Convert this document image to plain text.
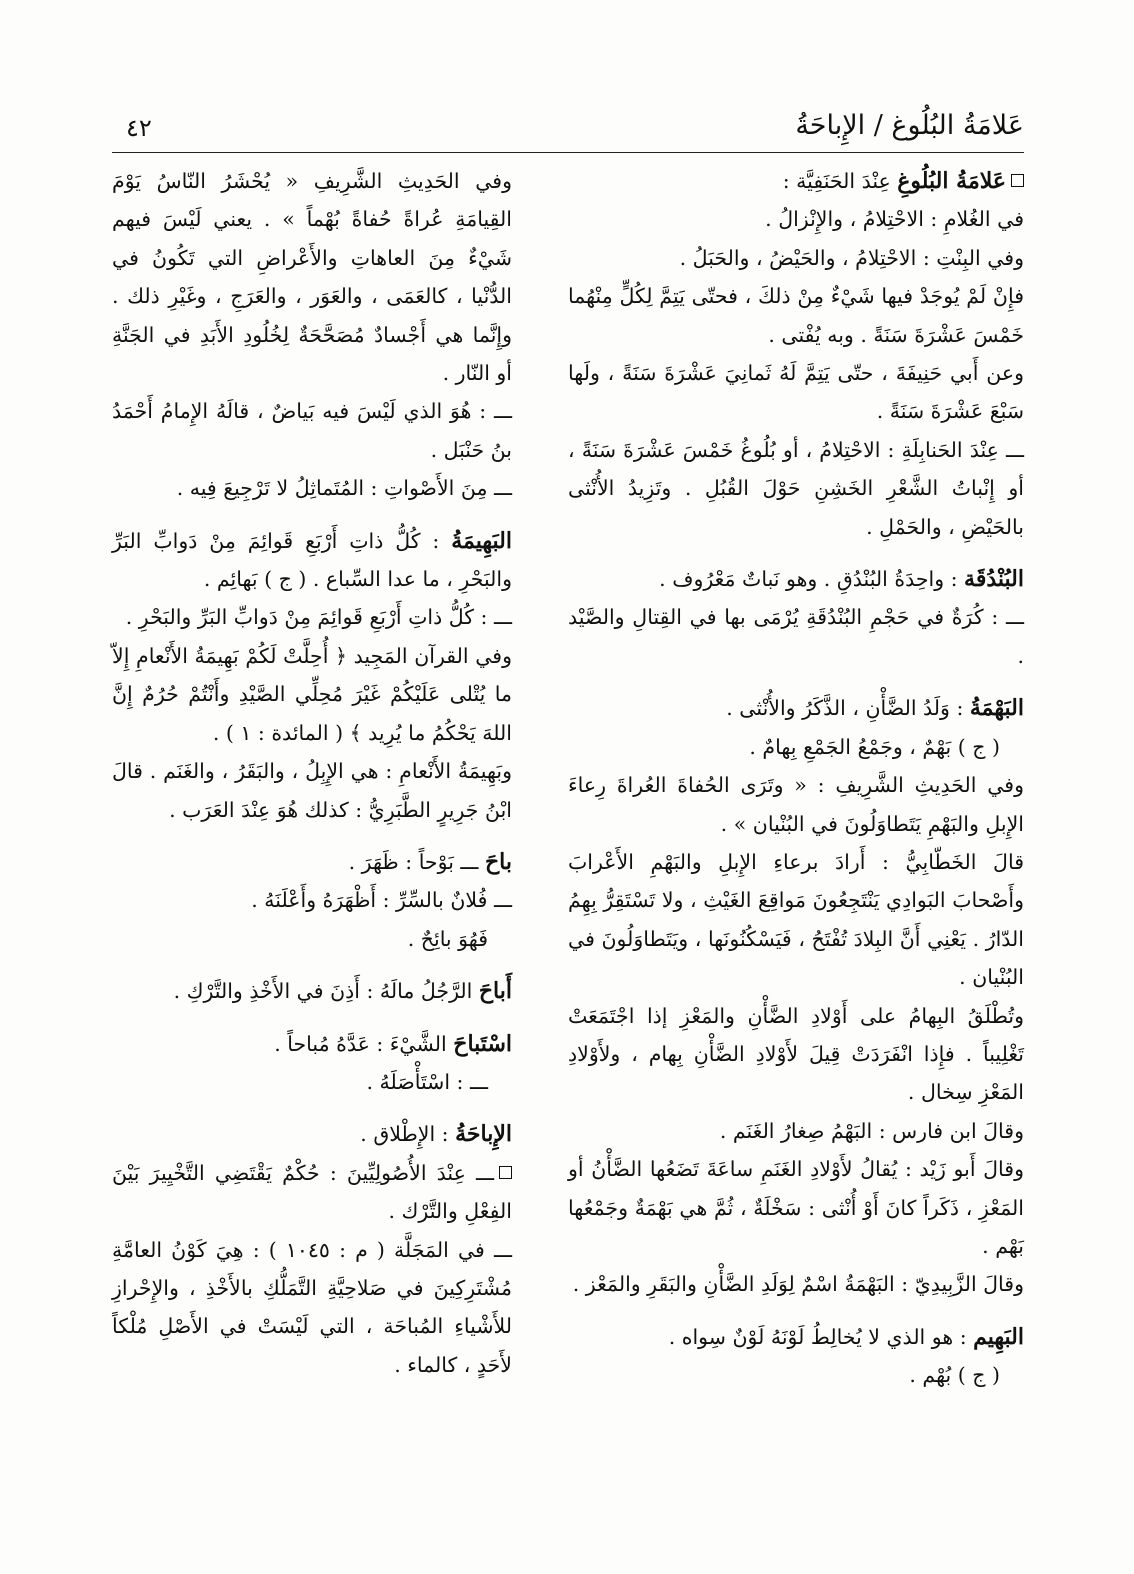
عَلامَةُ البُلُوغ / الإِباحَةُ
٤٢

عَلامَةُ البُلُوغِ عِنْدَ الحَنَفِيَّة :

في الغُلامِ : الاحْتِلامُ ، والإِنْزالُ .

وفي البِنْتِ : الاحْتِلامُ ، والحَيْضُ ، والحَبَلُ .

فإِنْ لَمْ يُوجَدْ فيها شَيْءٌ مِنْ ذلكَ ، فحتّى يَتِمَّ لِكُلٍّ مِنْهُما خَمْسَ عَشْرَةَ سَنَةً . وبه يُفْتى .

وعن أَبي حَنِيفَةَ ، حتّى يَتِمَّ لَهُ ثَمانِيَ عَشْرَةَ سَنَةً ، ولَها سَبْعَ عَشْرَةَ سَنَةً .

ـــ عِنْدَ الحَنابِلَةِ : الاحْتِلامُ ، أو بُلُوغُ خَمْسَ عَشْرَةَ سَنَةً ، أو إِنْباتُ الشَّعْرِ الخَشِنِ حَوْلَ القُبُلِ . وتَزِيدُ الأُنْثى بالحَيْضِ ، والحَمْلِ .

البُنْدُقَة : واحِدَةُ البُنْدُقِ . وهو نَباتٌ مَعْرُوف .

ـــ : كُرَةٌ في حَجْمِ البُنْدُقَةِ يُرْمَى بها في القِتالِ والصَّيْد .

البَهْمَةُ : وَلَدُ الضَّأْنِ ، الذَّكَرُ والأُنْثى .

( ج ) بَهْمٌ ، وجَمْعُ الجَمْعِ بِهامٌ .

وفي الحَدِيثِ الشَّرِيفِ : « وتَرَى الحُفاةَ العُراةَ رِعاءَ الإِبلِ والبَهْمِ يَتَطاوَلُونَ في البُنْيان » .

قالَ الخَطّابِيُّ : أَرادَ برعاءِ الإِبلِ والبَهْمِ الأَعْرابَ وأَصْحابَ البَوادِي يَنْتَجِعُونَ مَواقِعَ الغَيْثِ ، ولا تَسْتَقِرُّ بِهِمُ الدّارُ . يَعْنِي أَنَّ البِلادَ تُفْتَحُ ، فَيَسْكُنُونَها ، ويَتَطاوَلُونَ في البُنْيان .

وتُطْلَقُ البِهامُ على أَوْلادِ الضَّأْنِ والمَعْزِ إذا اجْتَمَعَتْ تَغْلِيباً . فإِذا انْفَرَدَتْ قِيلَ لأَوْلادِ الضَّأْنِ بِهام ، ولأَوْلادِ المَعْزِ سِخال .

وقالَ ابن فارس : البَهْمُ صِغارُ الغَنَم .

وقالَ أَبو زَيْد : يُقالُ لأَوْلادِ الغَنَمِ ساعَةَ تَضَعُها الضَّأْنُ أو المَعْزِ ، ذَكَراً كانَ أَوْ أُنْثى : سَخْلَةٌ ، ثُمَّ هي بَهْمَةٌ وجَمْعُها بَهْم .

وقالَ الزَّبِيدِيّ : البَهْمَةُ اسْمٌ لِوَلَدِ الضَّأْنِ والبَقَرِ والمَعْز .

البَهِيم : هو الذي لا يُخالِطُ لَوْنَهُ لَوْنٌ سِواه .

( ج ) بُهْم .

وفي الحَدِيثِ الشَّرِيفِ « يُحْشَرُ النّاسُ يَوْمَ القِيامَةِ عُراةً حُفاةً بُهْماً » . يعني لَيْسَ فيهم شَيْءٌ مِنَ العاهاتِ والأَعْراضِ التي تَكُونُ في الدُّنْيا ، كالعَمَى ، والعَوَر ، والعَرَجِ ، وغَيْرِ ذلك . وإِنَّما هي أَجْسادٌ مُصَحَّحَةٌ لِخُلُودِ الأَبَدِ في الجَنَّةِ أو النّار .

ـــ : هُوَ الذي لَيْسَ فيه بَياضٌ ، قالَهُ الإِمامُ أَحْمَدُ بنُ حَنْبَل .

ـــ مِنَ الأَصْواتِ : المُتَماثِلُ لا تَرْجِيعَ فِيه .

البَهِيمَةُ : كُلُّ ذاتِ أَرْبَعِ قَوائِمَ مِنْ دَوابِّ البَرِّ والبَحْرِ ، ما عدا السِّباع . ( ج ) بَهائِم .

ـــ : كُلُّ ذاتِ أَرْبَعِ قَوائِمَ مِنْ دَوابِّ البَرِّ والبَحْرِ .

وفي القرآن المَجِيد ﴿ أُحِلَّتْ لَكُمْ بَهِيمَةُ الأَنْعامِ إِلاّ ما يُتْلى عَلَيْكُمْ غَيْرَ مُحِلِّي الصَّيْدِ وأَنْتُمْ حُرُمٌ إِنَّ اللهَ يَحْكُمُ ما يُرِيد ﴾ ( المائدة : ١ ) .

وبَهِيمَةُ الأَنْعامِ : هي الإِبِلُ ، والبَقَرُ ، والغَنَم . قالَ ابْنُ جَرِيرٍ الطَّبَرِيُّ : كذلك هُوَ عِنْدَ العَرَب .

باحَ ـــ بَوْحاً : ظَهَرَ .

ـــ فُلانٌ بالسِّرِّ : أَظْهَرَهُ وأَعْلَنَهُ .

فَهُوَ بائِحٌ .

أَباحَ الرَّجُلُ مالَهُ : أَذِنَ في الأَخْذِ والتَّرْكِ .

اسْتَباحَ الشَّيْءَ : عَدَّهُ مُباحاً .

ـــ : اسْتَأْصَلَهُ .

الإِباحَةُ : الإِطْلاق .

ـــ عِنْدَ الأُصُولِيِّينَ : حُكْمٌ يَقْتَضِي التَّخْيِيرَ بَيْنَ الفِعْلِ والتَّرْك .

ـــ في المَجَلَّة ( م : ١٠٤٥ ) : هِيَ كَوْنُ العامَّةِ مُشْتَرِكِينَ في صَلاحِيَّةِ التَّمَلُّكِ بالأَخْذِ ، والإِحْرازِ للأَشْياءِ المُباحَة ، التي لَيْسَتْ في الأَصْلِ مُلْكاً لأَحَدٍ ، كالماء .
